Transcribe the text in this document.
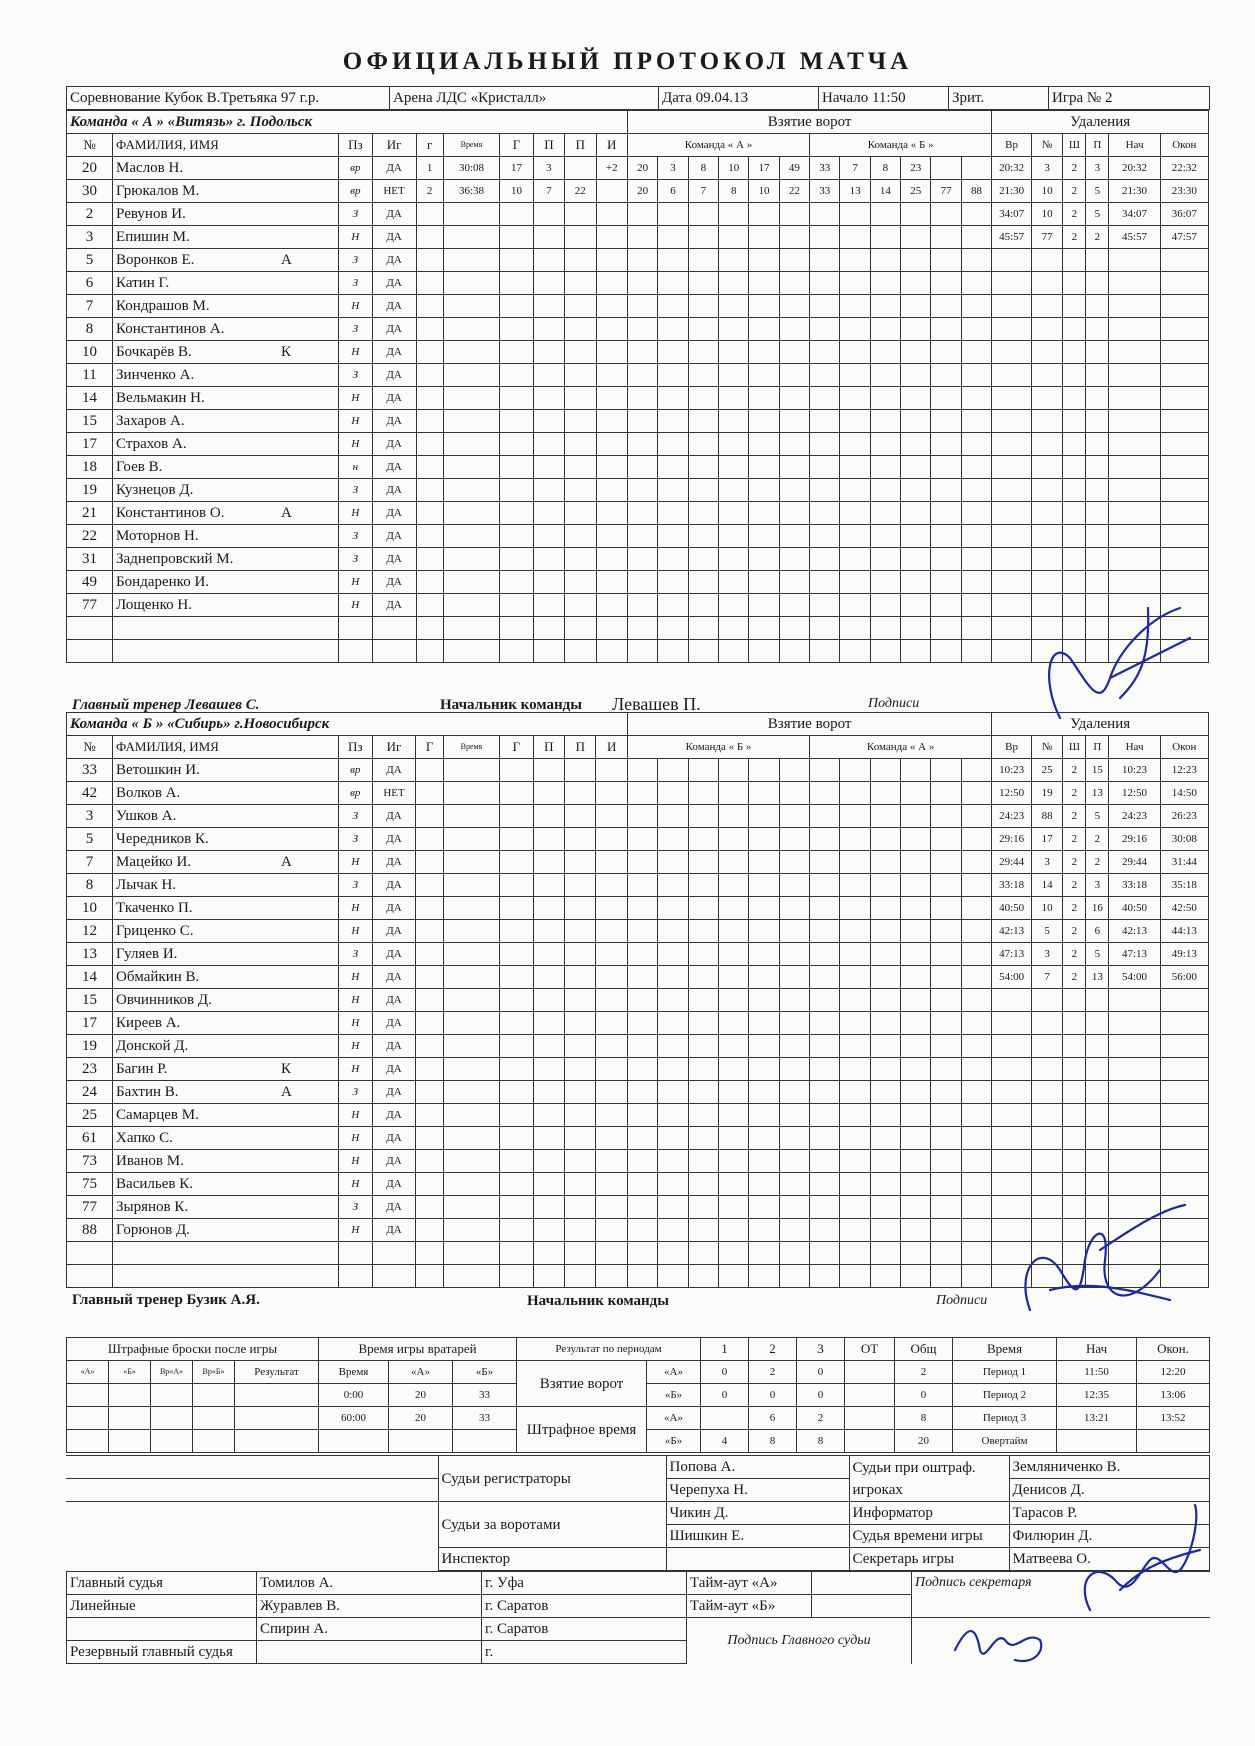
ОФИЦИАЛЬНЫЙ ПРОТОКОЛ МАТЧА
Соревнование Кубок В.Третьяка 97 г.р.	Арена ЛДС «Кристалл»	Дата 09.04.13	Начало 11:50	Зрит.	Игра № 2
Команда « А » «Витязь» г. Подольск										Взятие ворот												Удаления					
№	ФАМИЛИЯ, ИМЯ	Пз	Иг	г	Время	Г	П	П	И	Команда « А »						Команда « Б »						Вр	№	Ш	П	Нач	Окон
20	Маслов Н.	вр	ДА	1	30:08	17	3		+2	20	3	8	10	17	49	33	7	8	23			20:32	3	2	3	20:32	22:32
30	Грюкалов М.	вр	НЕТ	2	36:38	10	7	22		20	6	7	8	10	22	33	13	14	25	77	88	21:30	10	2	5	21:30	23:30
2	Ревунов И.	З	ДА																			34:07	10	2	5	34:07	36:07
3	Епишин М.	Н	ДА																			45:57	77	2	2	45:57	47:57
5	Воронков Е. А	З	ДА																								
6	Катин Г.	З	ДА																								
7	Кондрашов М.	Н	ДА																								
8	Константинов А.	З	ДА																								
10	Бочкарёв В. К	Н	ДА																								
11	Зинченко А.	З	ДА																								
14	Вельмакин Н.	Н	ДА																								
15	Захаров А.	Н	ДА																								
17	Страхов А.	Н	ДА																								
18	Гоев В.	н	ДА																								
19	Кузнецов Д.	З	ДА																								
21	Константинов О. А	Н	ДА																								
22	Моторнов Н.	З	ДА																								
31	Заднепровский М.	З	ДА																								
49	Бондаренко И.	Н	ДА																								
77	Лощенко Н.	Н	ДА																								

Команда « Б » «Сибирь» г.Новосибирск										Взятие ворот												Удаления					
№	ФАМИЛИЯ, ИМЯ	Пз	Иг	Г	Время	Г	П	П	И	Команда « Б »						Команда « А »						Вр	№	Ш	П	Нач	Окон
33	Ветошкин И.	вр	ДА																			10:23	25	2	15	10:23	12:23
42	Волков А.	вр	НЕТ																			12:50	19	2	13	12:50	14:50
3	Ушков А.	З	ДА																			24:23	88	2	5	24:23	26:23
5	Чередников К.	З	ДА																			29:16	17	2	2	29:16	30:08
7	Мацейко И. А	Н	ДА																			29:44	3	2	2	29:44	31:44
8	Лычак Н.	З	ДА																			33:18	14	2	3	33:18	35:18
10	Ткаченко П.	Н	ДА																			40:50	10	2	16	40:50	42:50
12	Гриценко С.	Н	ДА																			42:13	5	2	6	42:13	44:13
13	Гуляев И.	З	ДА																			47:13	3	2	5	47:13	49:13
14	Обмайкин В.	Н	ДА																			54:00	7	2	13	54:00	56:00
15	Овчинников Д.	Н	ДА																								
17	Киреев А.	Н	ДА																								
19	Донской Д.	Н	ДА																								
23	Багин Р. К	Н	ДА																								
24	Бахтин В. А	З	ДА																								
25	Самарцев М.	Н	ДА																								
61	Хапко С.	Н	ДА																								
73	Иванов М.	Н	ДА																								
75	Васильев К.	Н	ДА																								
77	Зырянов К.	З	ДА																								
88	Горюнов Д.	Н	ДА																								

Главный тренер Левашев С.	Начальник команды Левашев П.	Подписи
Главный тренер Бузик А.Я.	Начальник команды	Подписи
Штрафные броски после игры					Время игры вратарей			Результат по периодам		1	2	3	ОТ	Общ	Время	Нач	Окон.
«А»	«Б»	Вр«А»	Вр«Б»	Результат	Время	«А»	«Б»	Взятие ворот	«А»	0	2	0		2	Период 1	11:50	12:20
					0:00	20	33		«Б»	0	0	0		0	Период 2	12:35	13:06
					60:00	20	33	Штрафное время	«А»		6	2		8	Период 3	13:21	13:52
									«Б»	4	8	8		20	Овертайм		
	Судьи регистраторы	Попова А.	Судьи при оштраф. игроках	Земляниченко В.
		Черепуха Н.		Денисов Д.
	Судьи за воротами	Чикин Д.	Информатор	Тарасов Р.
		Шишкин Е.	Судья времени игры	Филюрин Д.
	Инспектор		Секретарь игры	Матвеева О.
Главный судья	Томилов А.	г. Уфа	Тайм-аут «А»		Подпись секретаря
Линейные	Журавлев В.	г. Саратов	Тайм-аут «Б»		
	Спирин А.	г. Саратов	Подпись Главного судьи		
Резервный главный судья		г.			
